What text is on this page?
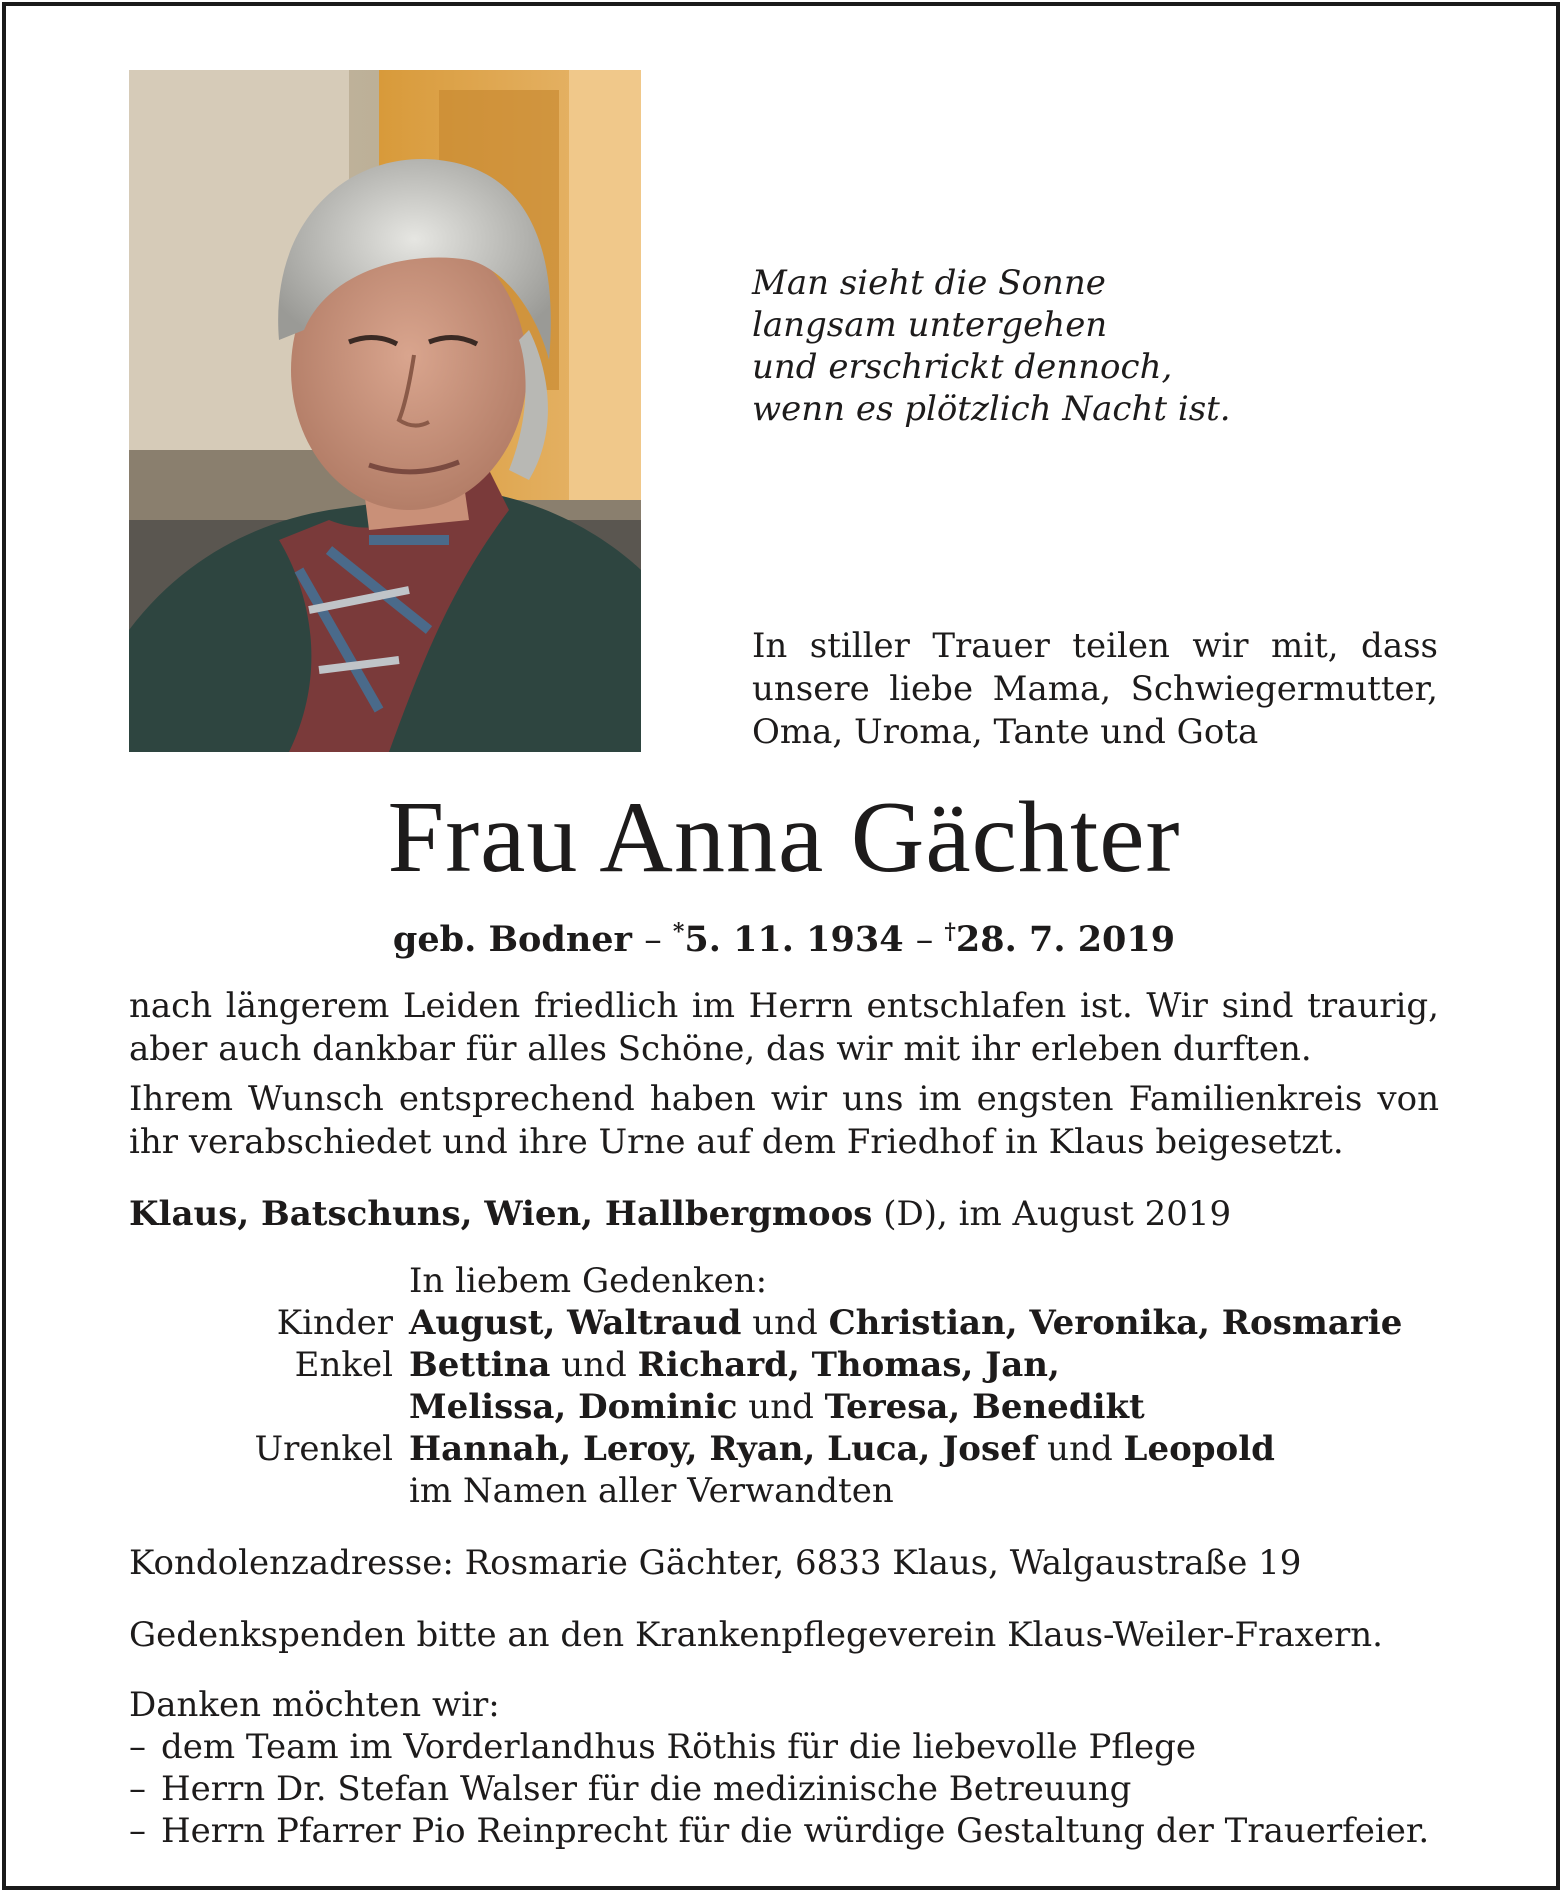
Man sieht die Sonne
langsam untergehen
und erschrickt dennoch,
wenn es plötzlich Nacht ist.
In stiller Trauer teilen wir mit, dass unsere liebe Mama, Schwiegermutter, Oma, Uroma, Tante und Gota
Frau Anna Gächter
geb. Bodner – *5. 11. 1934 – †28. 7. 2019
nach längerem Leiden friedlich im Herrn entschlafen ist. Wir sind traurig, aber auch dankbar für alles Schöne, das wir mit ihr erleben durften.
Ihrem Wunsch entsprechend haben wir uns im engsten Familienkreis von ihr verabschiedet und ihre Urne auf dem Friedhof in Klaus beigesetzt.
Klaus, Batschuns, Wien, Hallbergmoos (D), im August 2019
In liebem Gedenken:
Kinder August, Waltraud und Christian, Veronika, Rosmarie
Enkel Bettina und Richard, Thomas, Jan,
Melissa, Dominic und Teresa, Benedikt
Urenkel Hannah, Leroy, Ryan, Luca, Josef und Leopold
im Namen aller Verwandten
Kondolenzadresse: Rosmarie Gächter, 6833 Klaus, Walgaustraße 19
Gedenkspenden bitte an den Krankenpflegeverein Klaus-Weiler-Fraxern.
Danken möchten wir:
– dem Team im Vorderlandhus Röthis für die liebevolle Pflege
– Herrn Dr. Stefan Walser für die medizinische Betreuung
– Herrn Pfarrer Pio Reinprecht für die würdige Gestaltung der Trauerfeier.
